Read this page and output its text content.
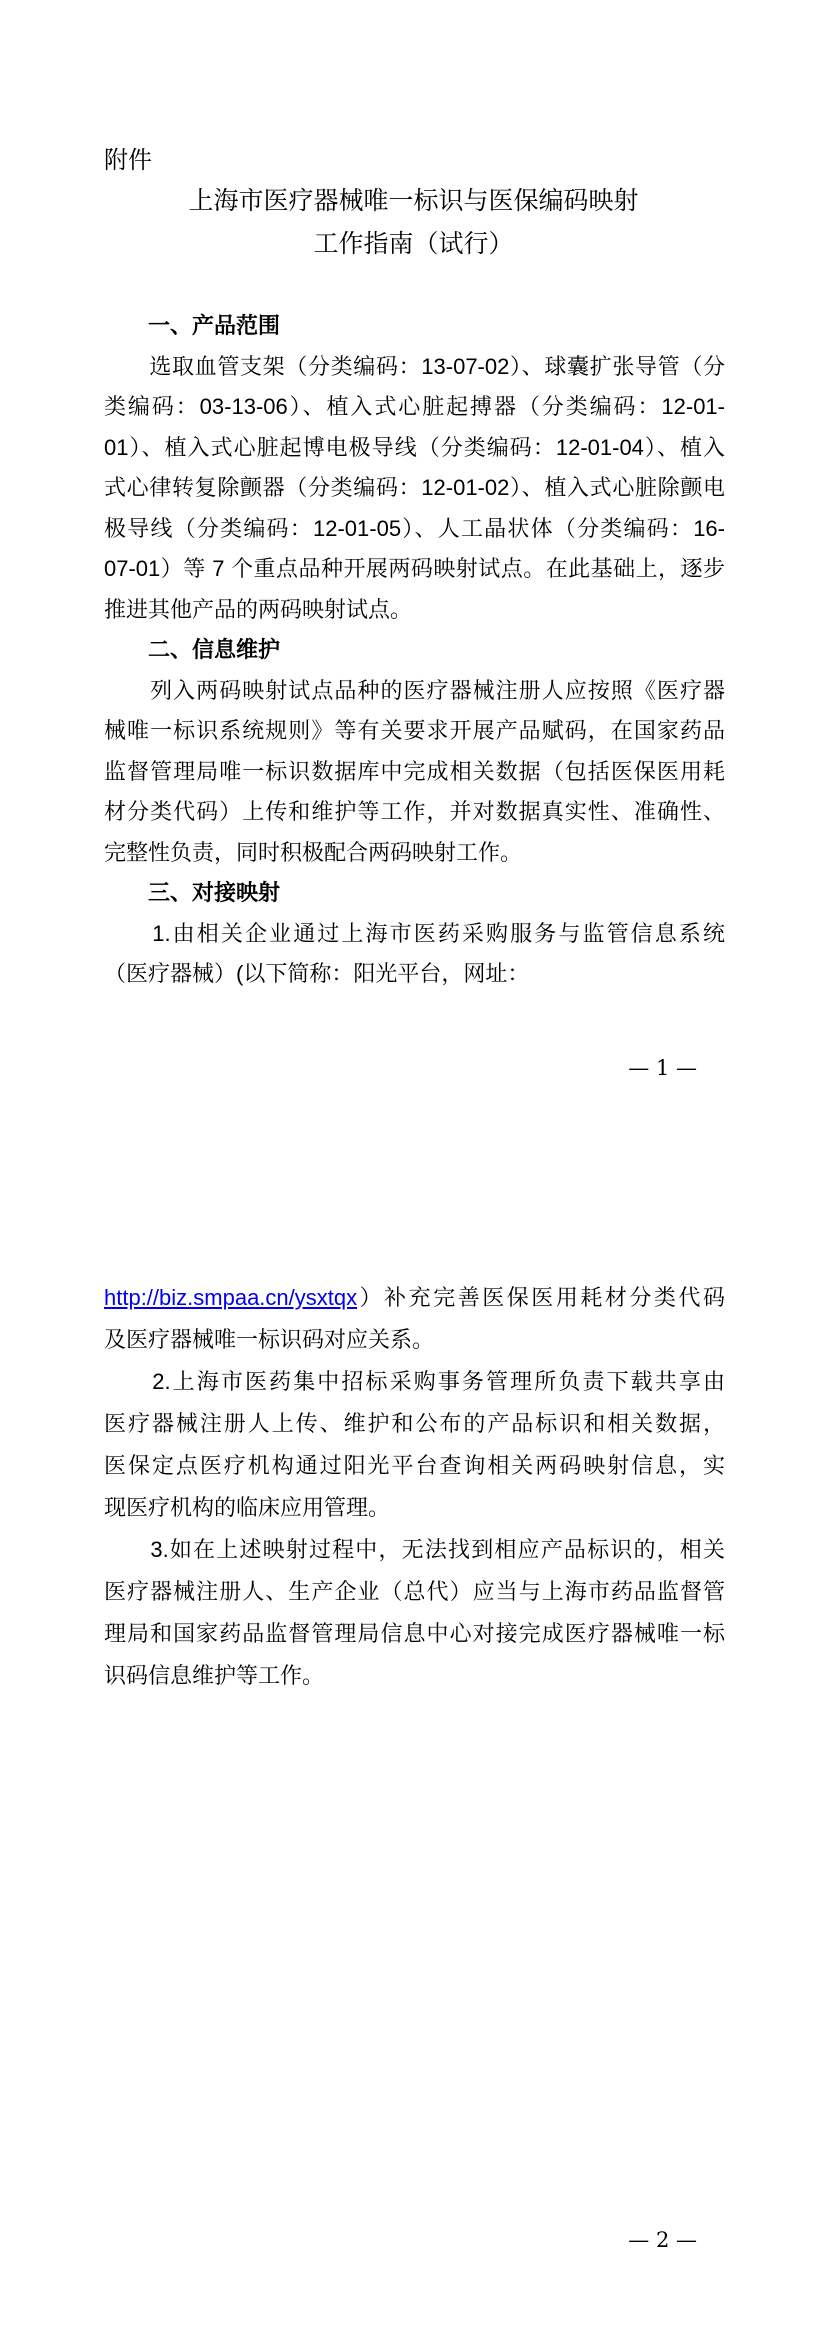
附件
上海市医疗器械唯一标识与医保编码映射
工作指南（试行）
　　一、产品范围
　　选取血管支架（分类编码：13-07-02）、球囊扩张导管（分
类编码：03-13-06）、植入式心脏起搏器（分类编码：12-01-
01）、植入式心脏起博电极导线（分类编码：12-01-04）、植入
式心律转复除颤器（分类编码：12-01-02）、植入式心脏除颤电
极导线（分类编码：12-01-05）、人工晶状体（分类编码：16-
07-01）等 7 个重点品种开展两码映射试点。在此基础上，逐步
推进其他产品的两码映射试点。
　　二、信息维护
　　列入两码映射试点品种的医疗器械注册人应按照《医疗器
械唯一标识系统规则》等有关要求开展产品赋码，在国家药品
监督管理局唯一标识数据库中完成相关数据（包括医保医用耗
材分类代码）上传和维护等工作，并对数据真实性、准确性、
完整性负责，同时积极配合两码映射工作。
　　三、对接映射
　　1.由相关企业通过上海市医药采购服务与监管信息系统
（医疗器械）(以下简称：阳光平台，网址：
— 1 —
http://biz.smpaa.cn/ysxtqx）补充完善医保医用耗材分类代码
及医疗器械唯一标识码对应关系。
　　2.上海市医药集中招标采购事务管理所负责下载共享由
医疗器械注册人上传、维护和公布的产品标识和相关数据，
医保定点医疗机构通过阳光平台查询相关两码映射信息，实
现医疗机构的临床应用管理。
　　3.如在上述映射过程中，无法找到相应产品标识的，相关
医疗器械注册人、生产企业（总代）应当与上海市药品监督管
理局和国家药品监督管理局信息中心对接完成医疗器械唯一标
识码信息维护等工作。
— 2 —
